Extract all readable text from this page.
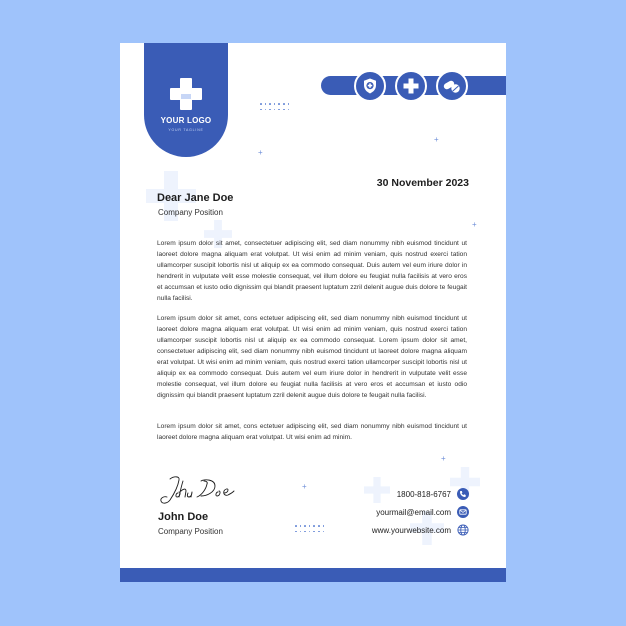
YOUR LOGO
YOUR TAGLINE
+
+
+
+
+
30 November 2023
Dear Jane Doe
Company Position
Lorem ipsum dolor sit amet, consectetuer adipiscing elit, sed diam nonummy nibh euismod tincidunt ut laoreet dolore magna aliquam erat volutpat. Ut wisi enim ad minim veniam, quis nostrud exerci tation ullamcorper suscipit lobortis nisl ut aliquip ex ea commodo consequat. Duis autem vel eum iriure dolor in hendrerit in vulputate velit esse molestie consequat, vel illum dolore eu feugiat nulla facilisis at vero eros et accumsan et iusto odio dignissim qui blandit praesent luptatum zzril delenit augue duis dolore te feugait nulla facilisi.
Lorem ipsum dolor sit amet, cons ectetuer adipiscing elit, sed diam nonummy nibh euismod tincidunt ut laoreet dolore magna aliquam erat volutpat. Ut wisi enim ad minim veniam, quis nostrud exerci tation ullamcorper suscipit lobortis nisl ut aliquip ex ea commodo consequat. Lorem ipsum dolor sit amet, consectetuer adipiscing elit, sed diam nonummy nibh euismod tincidunt ut laoreet dolore magna aliquam erat volutpat. Ut wisi enim ad minim veniam, quis nostrud exerci tation ullamcorper suscipit lobortis nisl ut aliquip ex ea commodo consequat. Duis autem vel eum iriure dolor in hendrerit in vulputate velit esse molestie consequat, vel illum dolore eu feugiat nulla facilisis at vero eros et accumsan et iusto odio dignissim qui blandit praesent luptatum zzril delenit augue duis dolore te feugait nulla facilisi.
Lorem ipsum dolor sit amet, cons ectetuer adipiscing elit, sed diam nonummy nibh euismod tincidunt ut laoreet dolore magna aliquam erat volutpat. Ut wisi enim ad minim.
John Doe
Company Position
1800-818-6767
yourmail@email.com
www.yourwebsite.com
